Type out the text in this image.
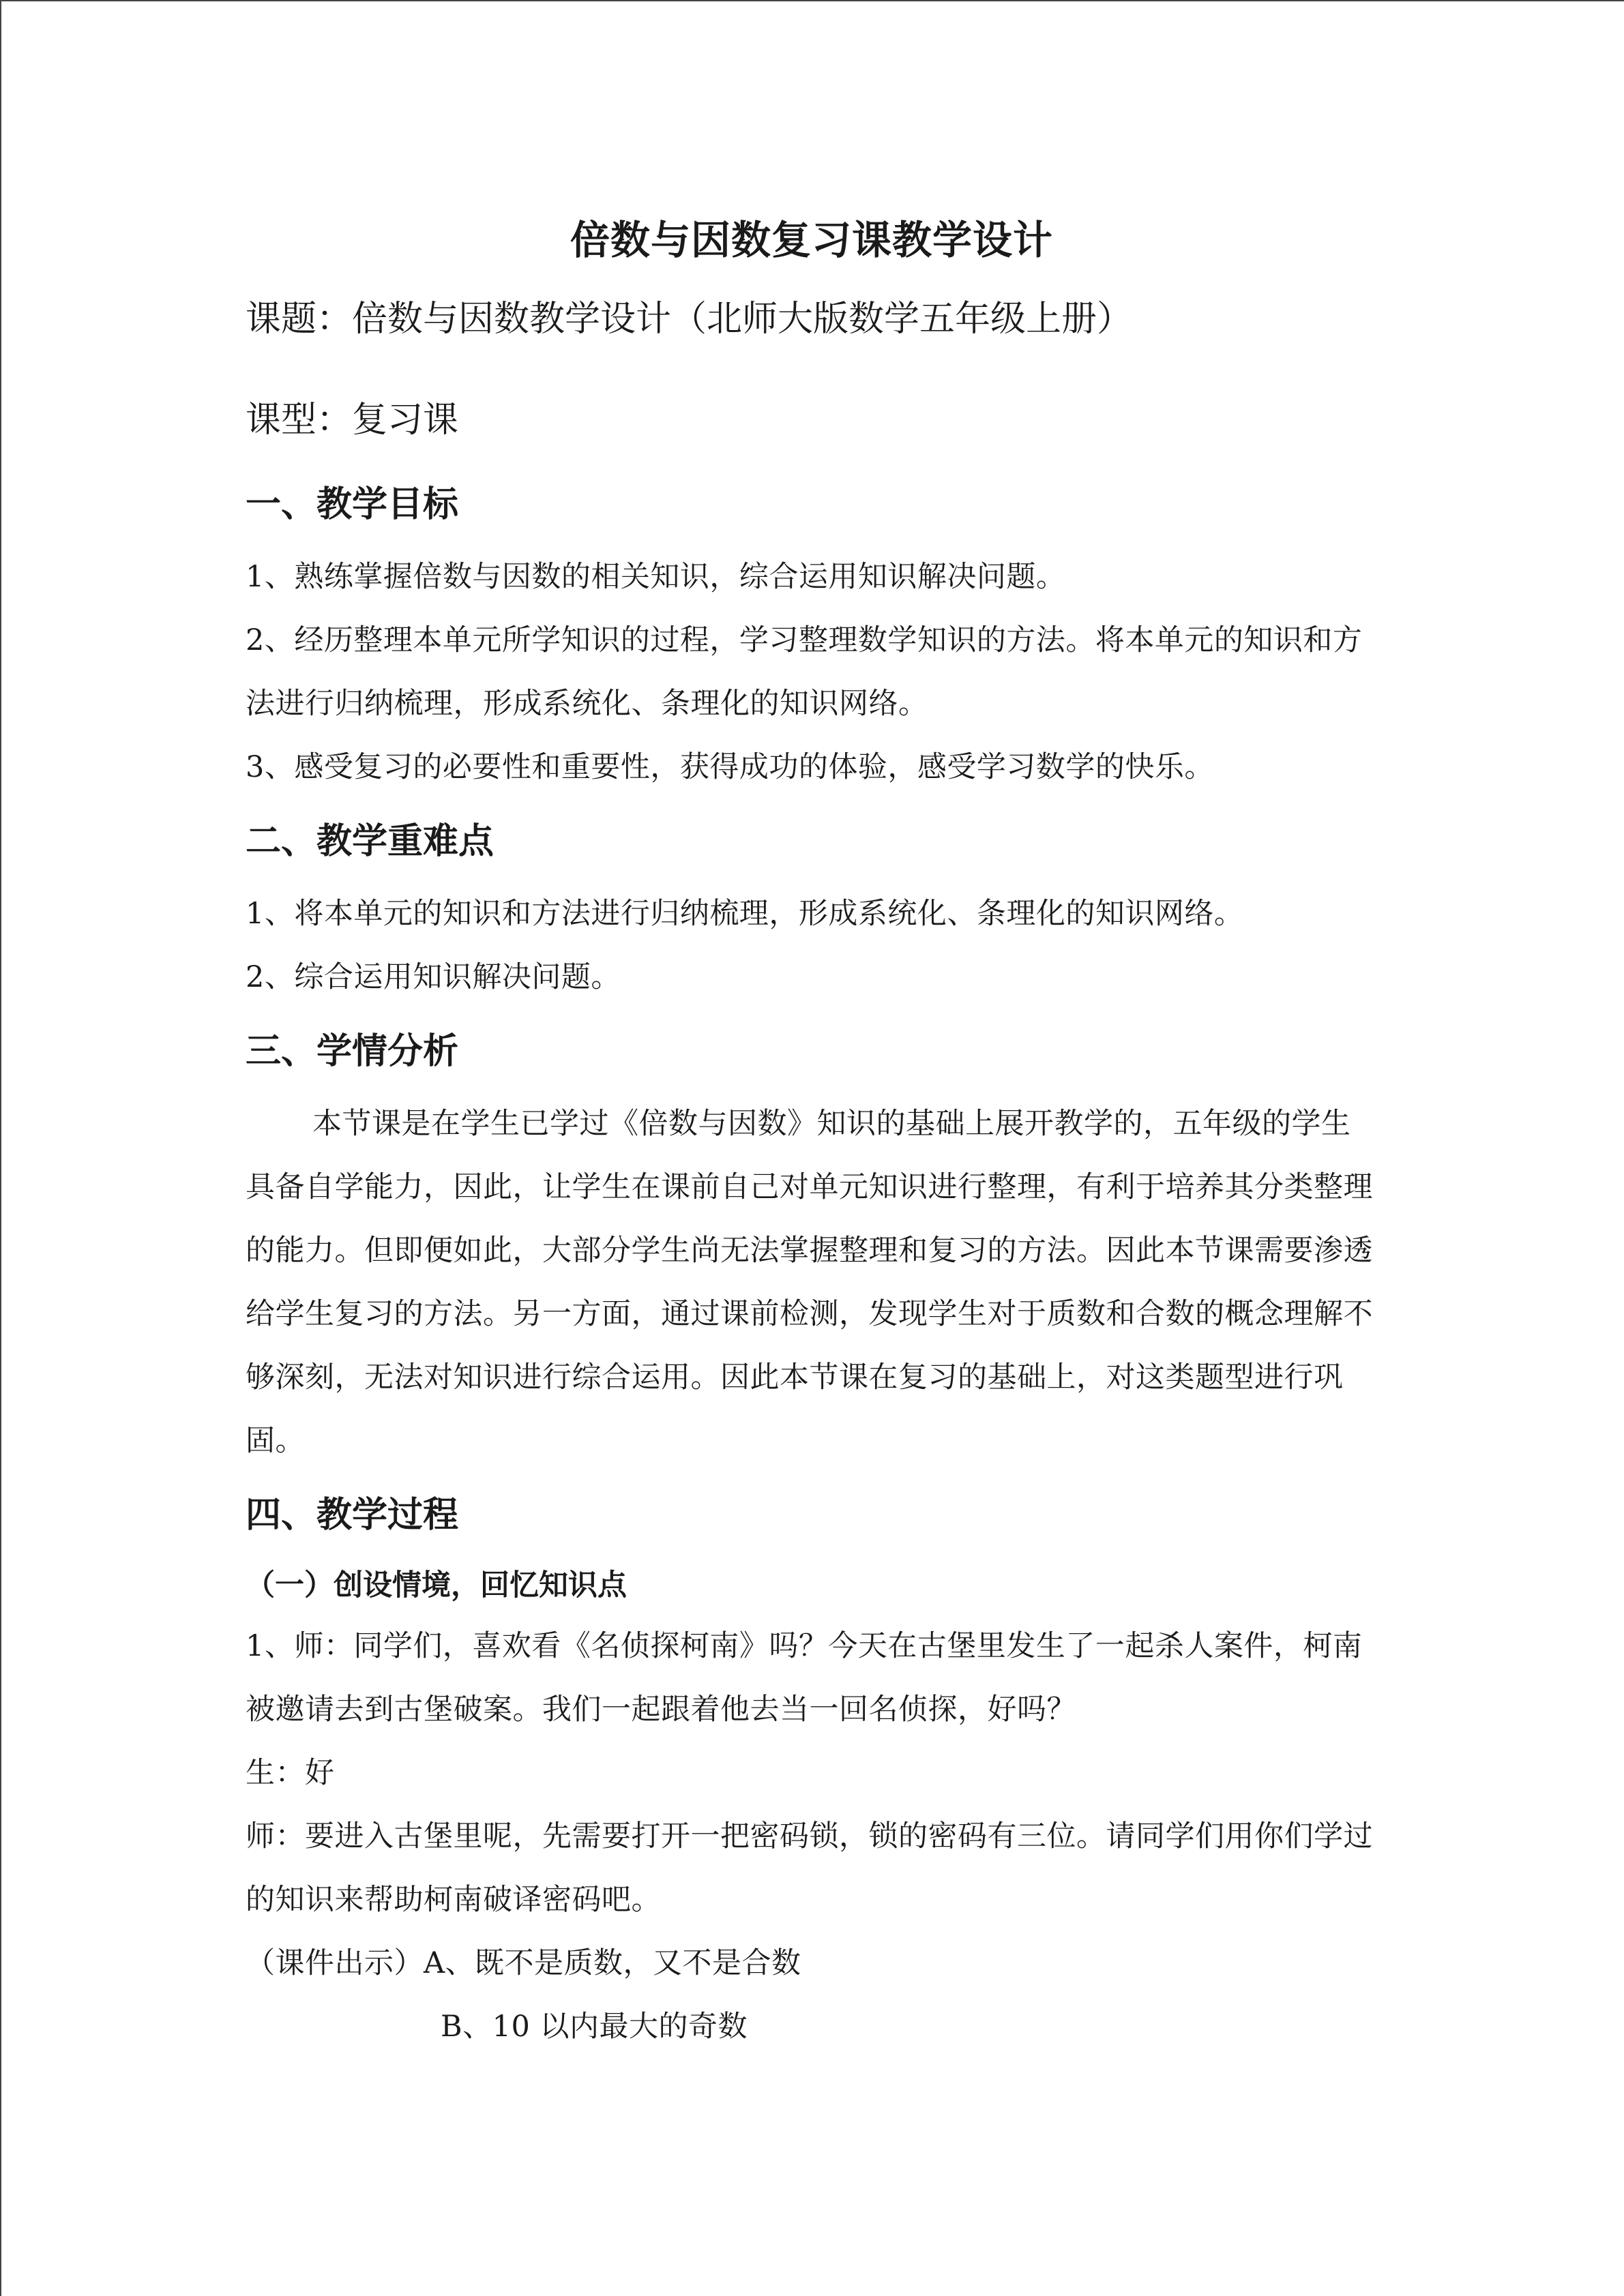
倍数与因数复习课教学设计

课题：倍数与因数教学设计（北师大版数学五年级上册）

课型：复习课

一、教学目标

1、熟练掌握倍数与因数的相关知识，综合运用知识解决问题。

2、经历整理本单元所学知识的过程，学习整理数学知识的方法。将本单元的知识和方法进行归纳梳理，形成系统化、条理化的知识网络。

3、感受复习的必要性和重要性，获得成功的体验，感受学习数学的快乐。

二、教学重难点

1、将本单元的知识和方法进行归纳梳理，形成系统化、条理化的知识网络。

2、综合运用知识解决问题。

三、学情分析

本节课是在学生已学过《倍数与因数》知识的基础上展开教学的，五年级的学生具备自学能力，因此，让学生在课前自己对单元知识进行整理，有利于培养其分类整理的能力。但即便如此，大部分学生尚无法掌握整理和复习的方法。因此本节课需要渗透给学生复习的方法。另一方面，通过课前检测，发现学生对于质数和合数的概念理解不够深刻，无法对知识进行综合运用。因此本节课在复习的基础上，对这类题型进行巩固。

四、教学过程

（一）创设情境，回忆知识点

1、师：同学们，喜欢看《名侦探柯南》吗？今天在古堡里发生了一起杀人案件，柯南被邀请去到古堡破案。我们一起跟着他去当一回名侦探，好吗？

生：好

师：要进入古堡里呢，先需要打开一把密码锁，锁的密码有三位。请同学们用你们学过的知识来帮助柯南破译密码吧。

（课件出示）A、既不是质数，又不是合数

B、10 以内最大的奇数
